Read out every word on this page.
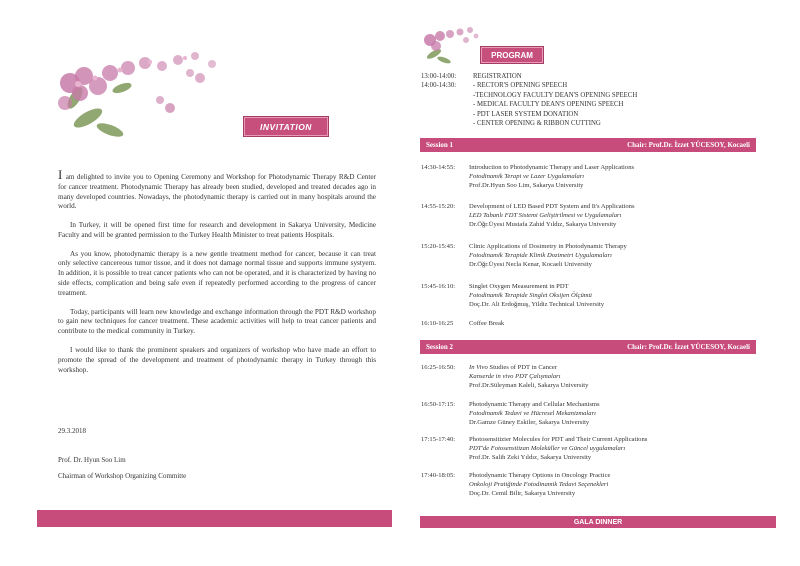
INVITATION

I am delighted to invite you to Opening Ceremony and Workshop for Photodynamic Therapy R&D Center for cancer treatment. Photodynamic Therapy has already been studied, developed and treated decades ago in many developed countries. Nowadays, the photodynamic therapy is carried out in many hospitals around the world.

In Turkey, it will be opened first time for research and development in Sakarya University, Medicine Faculty and will be granted permission to the Turkey Health Minister to treat patients Hospitals.

As you know, photodynamic therapy is a new gentle treatment method for cancer, because it can treat only selective cancereous tumor tissue, and it does not damage normal tissue and supports immune systyem. In addition, it is possible to treat cancer patients who can not be operated, and it is characterized by having no side effects, complication and being safe even if repeatedly performed according to the progress of cancer treatment.

Today, participants will learn new knowledge and exchange information through the PDT R&D workshop to gain new techniques for cancer treatment. These academic activities will help to treat cancer patients and contribute to the medical community in Turkey.

I would like to thank the prominent speakers and organizers of workshop who have made an effort to promote the spread of the development and treatment of photodynamic therapy in Turkey through this workshop.

29.3.2018
Prof. Dr. Hyun Soo Lim
Chairman of Workshop Organizing Committe
PROGRAM
13:00-14:00:	REGISTRATION
14:00-14:30:	- RECTOR'S OPENING SPEECH
-TECHNOLOGY FACULTY DEAN'S OPENING SPEECH
- MEDICAL FACULTY DEAN'S OPENING SPEECH
- PDT LASER SYSTEM DONATION
- CENTER OPENING & RIBBON CUTTING
Session 1	Chair: Prof.Dr. İzzet YÜCESOY, Kocaeli
14:30-14:55:	Introduction to Photodynamic Therapy and Laser Applications
Fotodinamik Terapi ve Lazer Uygulamaları
Prof.Dr.Hyun Soo Lim, Sakarya University
14:55-15:20:	Development of LED Based PDT System and It's Applications
LED Tabanlı FDT Sistemi Geliştirilmesi ve Uygulamaları
Dr.Öğr.Üyesi Mustafa Zahid Yıldız, Sakarya University
15:20-15:45:	Clinic Applications of Dosimetry in Photodynamic Therapy
Fotodinamik Terapide Klinik Dozimetri Uygulamaları
Dr.Öğr.Üyesi Necla Kenar, Kocaeli University
15:45-16:10:	Singlet Oxygen Measurement in PDT
Fotodinamik Terapide Singlet Oksijen Ölçümü
Doç.Dr. Ali Erdoğmuş, Yildiz Technical University
16:10-16:25	Coffee Break
Session 2	Chair: Prof.Dr. İzzet YÜCESOY, Kocaeli
16:25-16:50:	In Vivo Studies of PDT in Cancer
Kanserde in vivo PDT Çalışmaları
Prof.Dr.Süleyman Kaleli, Sakarya University
16:50-17:15:	Photodynamic Therapy and Cellular Mechanisms
Fotodinamik Tedavi ve Hücresel Mekanizmaları
Dr.Gamze Güney Eskiler, Sakarya University
17:15-17:40:	Photosensitizier Molecules for PDT and Their Current Applications
PDT'de Fotosensitizan Moleküller ve Güncel uygulamaları
Prof.Dr. Salih Zeki Yıldız, Sakarya University
17:40-18:05:	Photodynamic Therapy Options in Oncology Practice
Onkoloji Pratiğinde Fotodinamik Tedavi Seçenekleri
Doç.Dr. Cemil Bilir, Sakarya University
GALA DINNER
